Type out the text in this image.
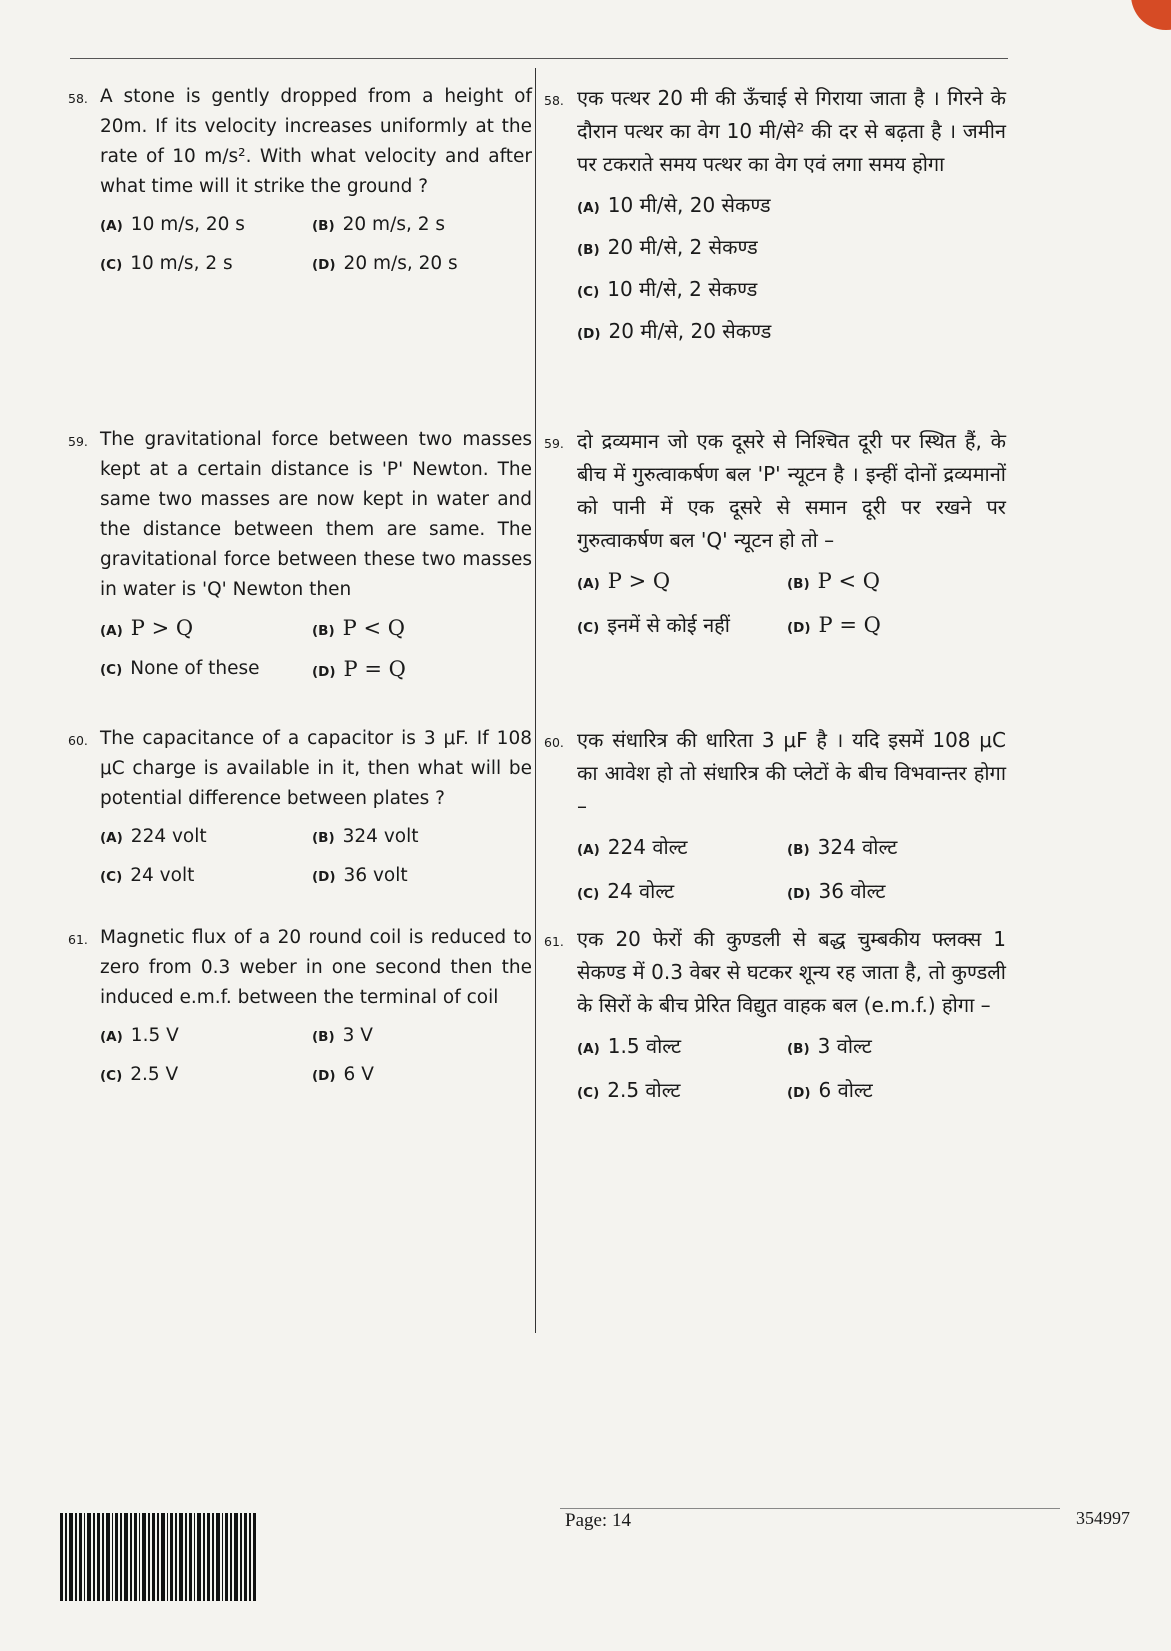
58. A stone is gently dropped from a height of 20m. If its velocity increases uniformly at the rate of 10 m/s². With what velocity and after what time will it strike the ground ?
(A) 10 m/s, 20 s	(B) 20 m/s, 2 s
(C) 10 m/s, 2 s	(D) 20 m/s, 20 s
58. एक पत्थर 20 मी की ऊँचाई से गिराया जाता है । गिरने के दौरान पत्थर का वेग 10 मी/से² की दर से बढ़ता है । जमीन पर टकराते समय पत्थर का वेग एवं लगा समय होगा
(A) 10 मी/से, 20 सेकण्ड
(B) 20 मी/से, 2 सेकण्ड
(C) 10 मी/से, 2 सेकण्ड
(D) 20 मी/से, 20 सेकण्ड
59. The gravitational force between two masses kept at a certain distance is 'P' Newton. The same two masses are now kept in water and the distance between them are same. The gravitational force between these two masses in water is 'Q' Newton then
(A) P > Q	(B) P < Q
(C) None of these	(D) P = Q
59. दो द्रव्यमान जो एक दूसरे से निश्चित दूरी पर स्थित हैं, के बीच में गुरुत्वाकर्षण बल 'P' न्यूटन है । इन्हीं दोनों द्रव्यमानों को पानी में एक दूसरे से समान दूरी पर रखने पर गुरुत्वाकर्षण बल 'Q' न्यूटन हो तो –
(A) P > Q	(B) P < Q
(C) इनमें से कोई नहीं	(D) P = Q
60. The capacitance of a capacitor is 3 μF. If 108 μC charge is available in it, then what will be potential difference between plates ?
(A) 224 volt	(B) 324 volt
(C) 24 volt	(D) 36 volt
60. एक संधारित्र की धारिता 3 μF है । यदि इसमें 108 μC का आवेश हो तो संधारित्र की प्लेटों के बीच विभवान्तर होगा –
(A) 224 वोल्ट	(B) 324 वोल्ट
(C) 24 वोल्ट	(D) 36 वोल्ट
61. Magnetic flux of a 20 round coil is reduced to zero from 0.3 weber in one second then the induced e.m.f. between the terminal of coil
(A) 1.5 V	(B) 3 V
(C) 2.5 V	(D) 6 V
61. एक 20 फेरों की कुण्डली से बद्ध चुम्बकीय फ्लक्स 1 सेकण्ड में 0.3 वेबर से घटकर शून्य रह जाता है, तो कुण्डली के सिरों के बीच प्रेरित विद्युत वाहक बल (e.m.f.) होगा –
(A) 1.5 वोल्ट	(B) 3 वोल्ट
(C) 2.5 वोल्ट	(D) 6 वोल्ट
Page: 14	354997
